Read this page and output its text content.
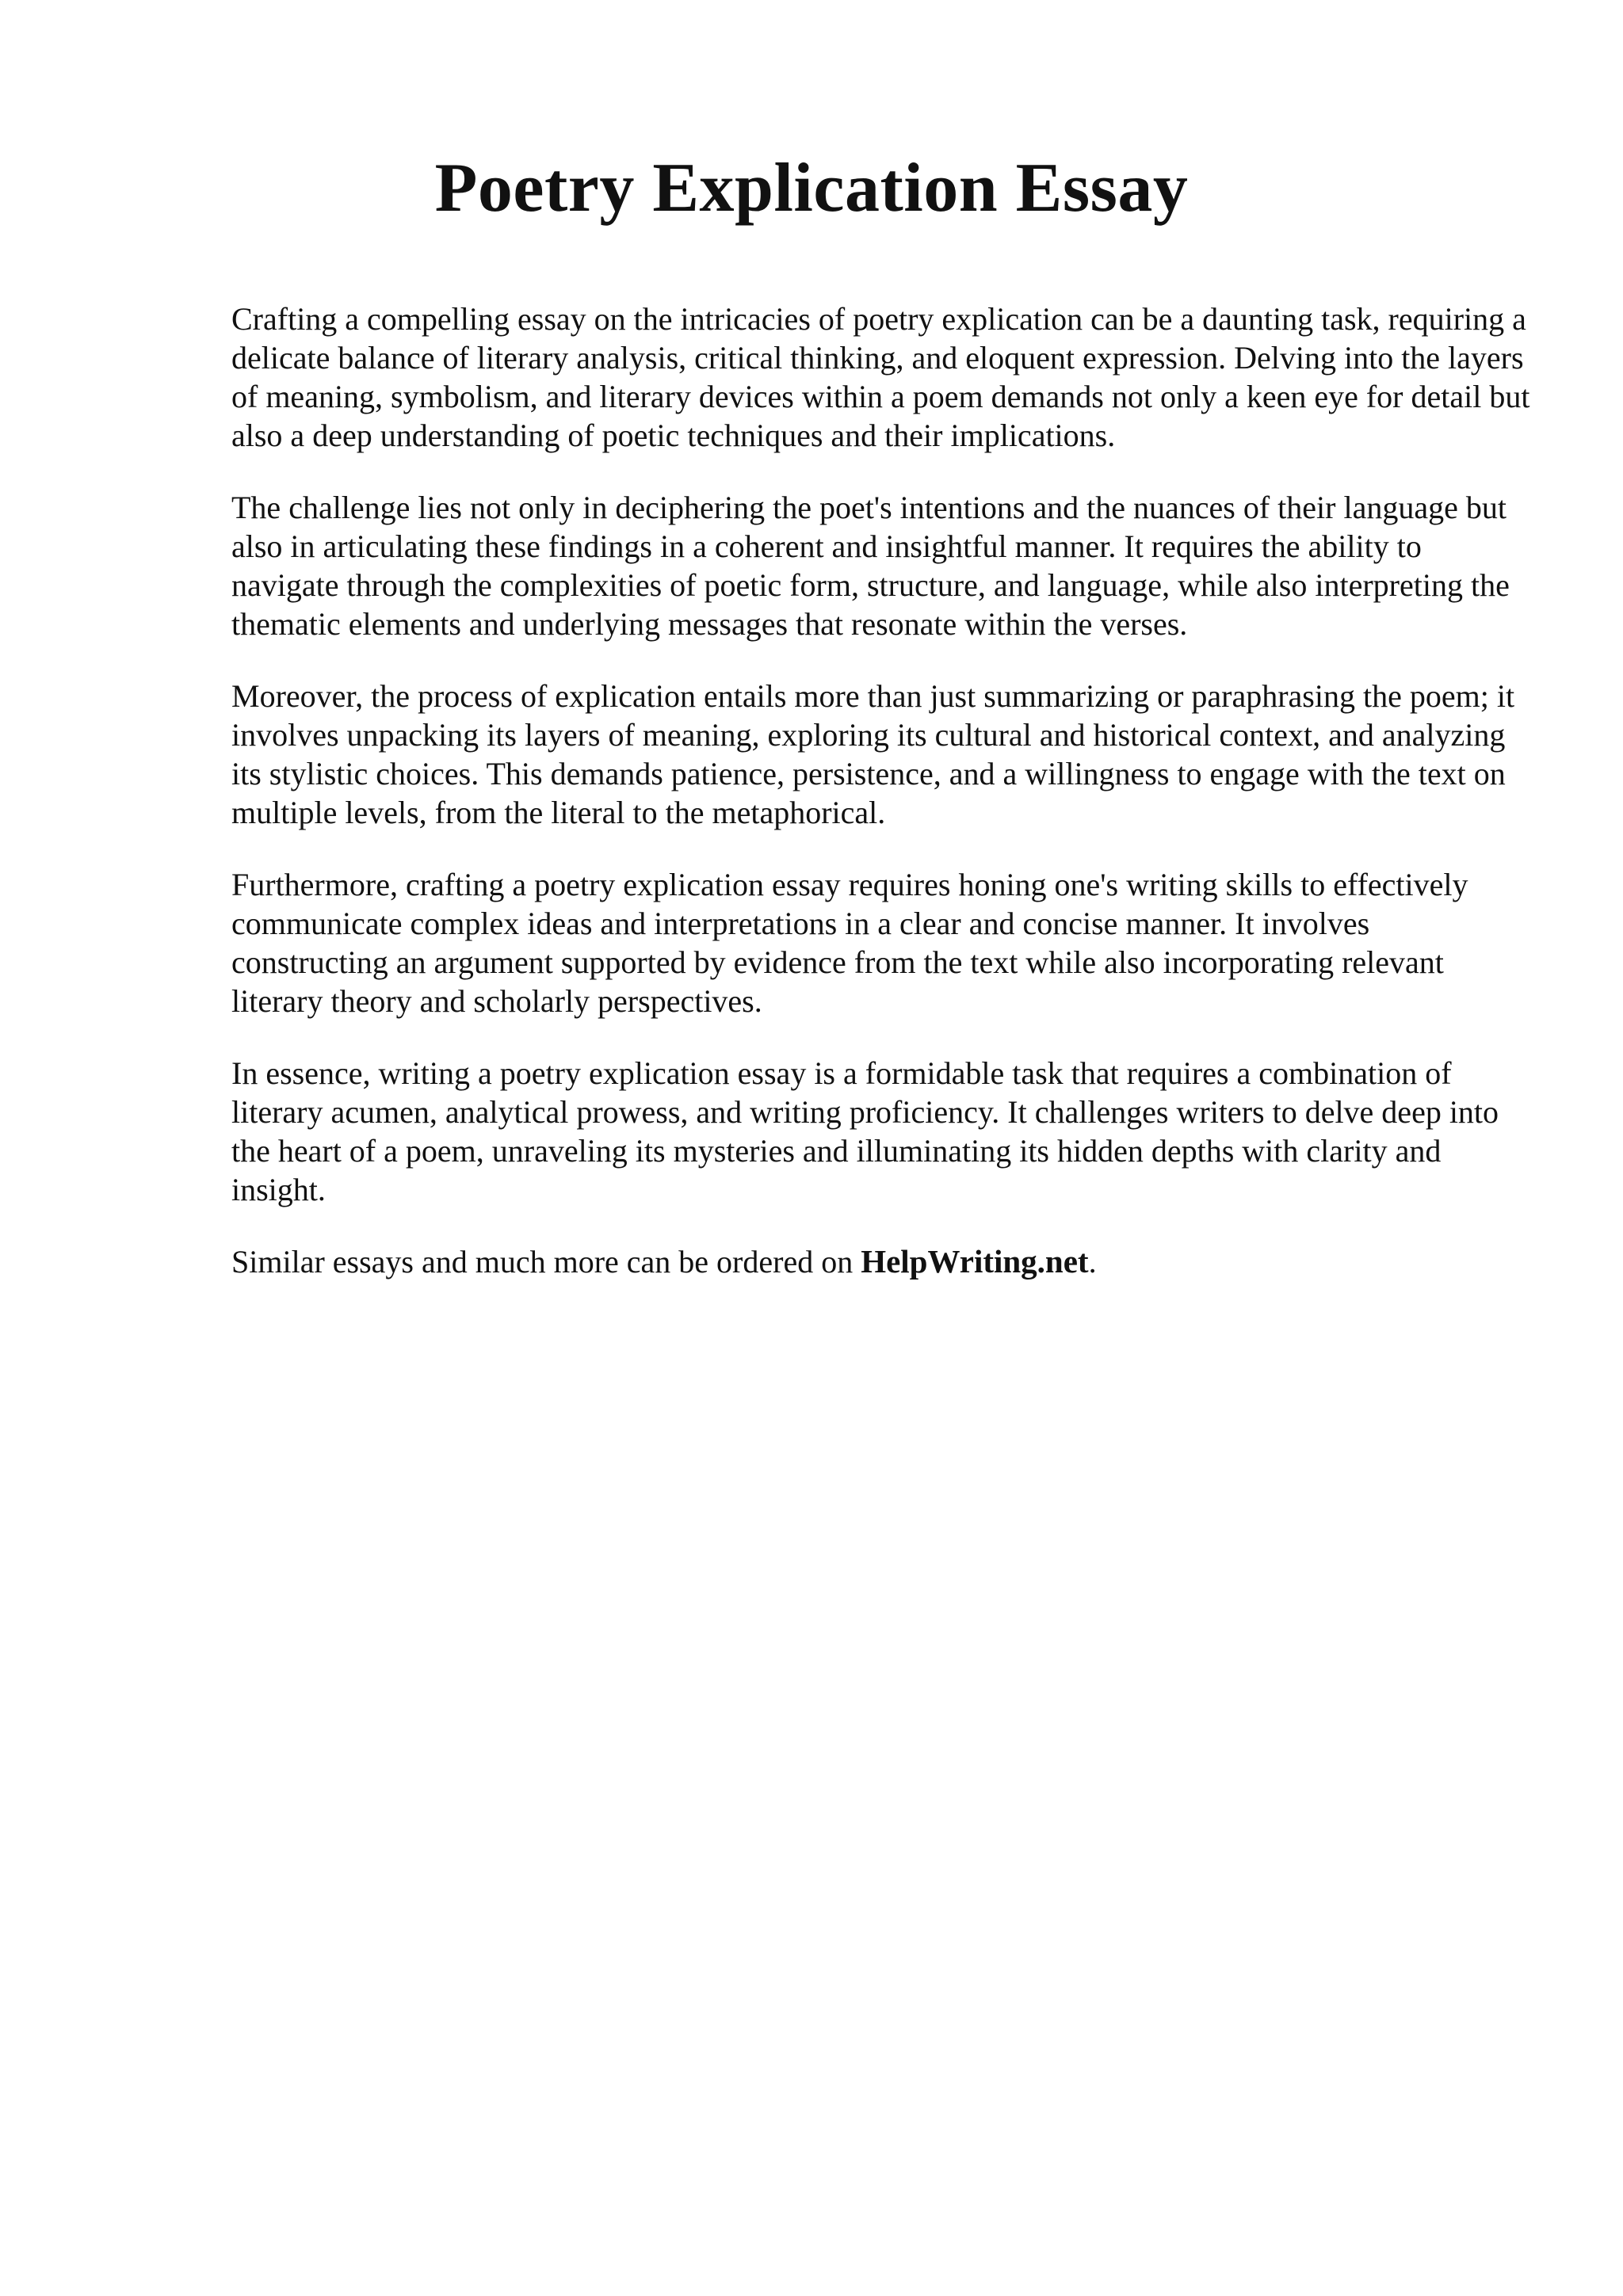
Poetry Explication Essay

Crafting a compelling essay on the intricacies of poetry explication can be a daunting task, requiring a delicate balance of literary analysis, critical thinking, and eloquent expression. Delving into the layers of meaning, symbolism, and literary devices within a poem demands not only a keen eye for detail but also a deep understanding of poetic techniques and their implications.

The challenge lies not only in deciphering the poet's intentions and the nuances of their language but also in articulating these findings in a coherent and insightful manner. It requires the ability to navigate through the complexities of poetic form, structure, and language, while also interpreting the thematic elements and underlying messages that resonate within the verses.

Moreover, the process of explication entails more than just summarizing or paraphrasing the poem; it involves unpacking its layers of meaning, exploring its cultural and historical context, and analyzing its stylistic choices. This demands patience, persistence, and a willingness to engage with the text on multiple levels, from the literal to the metaphorical.

Furthermore, crafting a poetry explication essay requires honing one's writing skills to effectively communicate complex ideas and interpretations in a clear and concise manner. It involves constructing an argument supported by evidence from the text while also incorporating relevant literary theory and scholarly perspectives.

In essence, writing a poetry explication essay is a formidable task that requires a combination of literary acumen, analytical prowess, and writing proficiency. It challenges writers to delve deep into the heart of a poem, unraveling its mysteries and illuminating its hidden depths with clarity and insight.

Similar essays and much more can be ordered on HelpWriting.net.
